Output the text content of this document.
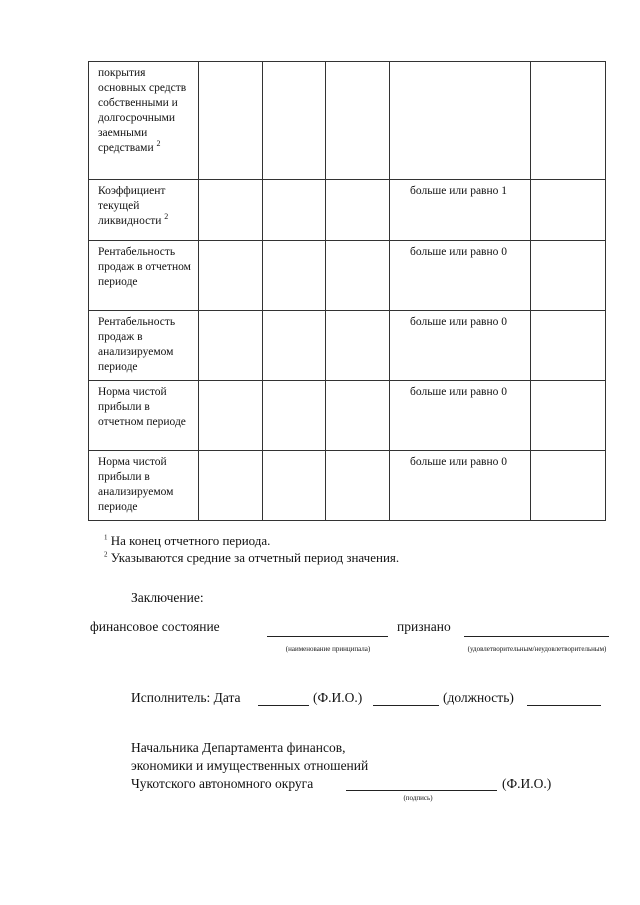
покрытия основных средств собственными и долгосрочными заемными средствами $^2$					
Коэффициент текущей ликвидности $^2$				больше или равно 1	
Рентабельность продаж в отчетном периоде				больше или равно 0	
Рентабельность продаж в анализируемом периоде				больше или равно 0	
Норма чистой прибыли в отчетном периоде				больше или равно 0	
Норма чистой прибыли в анализируемом периоде				больше или равно 0	
$^1$ На конец отчетного периода.
$^2$ Указываются средние за отчетный период значения.
Заключение:
финансовое состояние	признано
(наименование принципала)	(удовлетворительным/неудовлетворительным)
Исполнитель: Дата	(Ф.И.О.)	(должность)
Начальника Департамента финансов,
экономики и имущественных отношений
Чукотского автономного округа	(Ф.И.О.)
(подпись)
